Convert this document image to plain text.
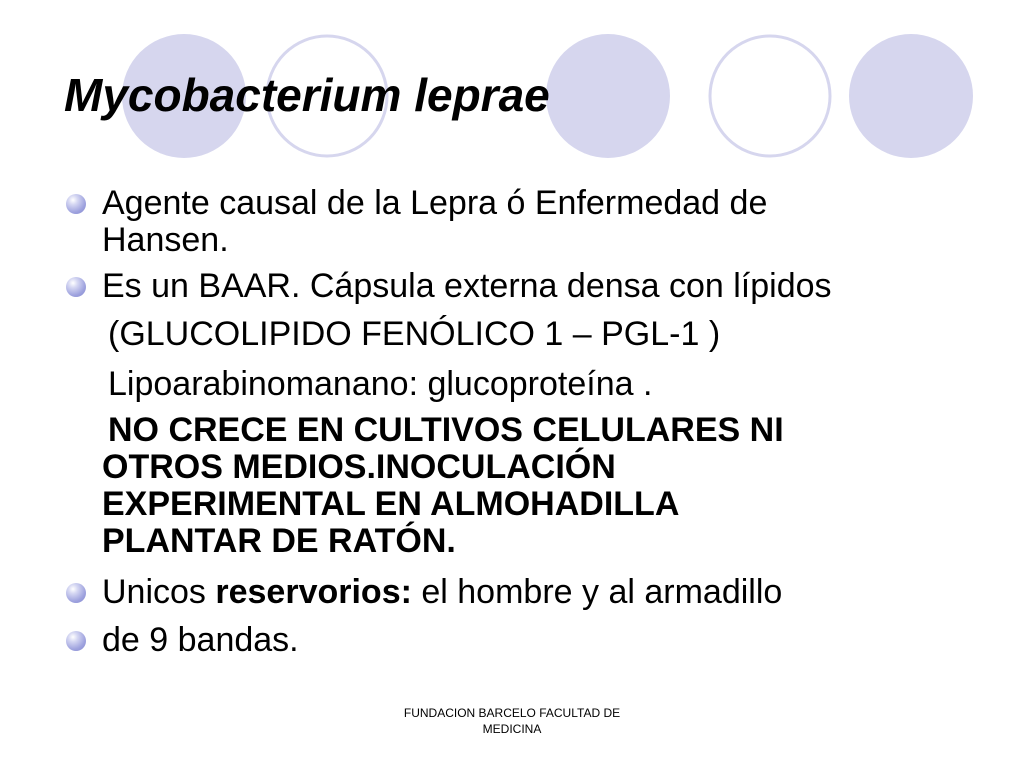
Mycobacterium leprae
Agente causal de la Lepra ó Enfermedad de
Hansen.
Es un BAAR. Cápsula externa densa con lípidos
(GLUCOLIPIDO FENÓLICO 1 – PGL-1 )
Lipoarabinomanano: glucoproteína .
NO CRECE EN CULTIVOS CELULARES NI
OTROS MEDIOS.INOCULACIÓN
EXPERIMENTAL EN ALMOHADILLA
PLANTAR DE RATÓN.
Unicos reservorios: el hombre y al armadillo
de 9 bandas.
FUNDACION BARCELO FACULTAD DE
MEDICINA
